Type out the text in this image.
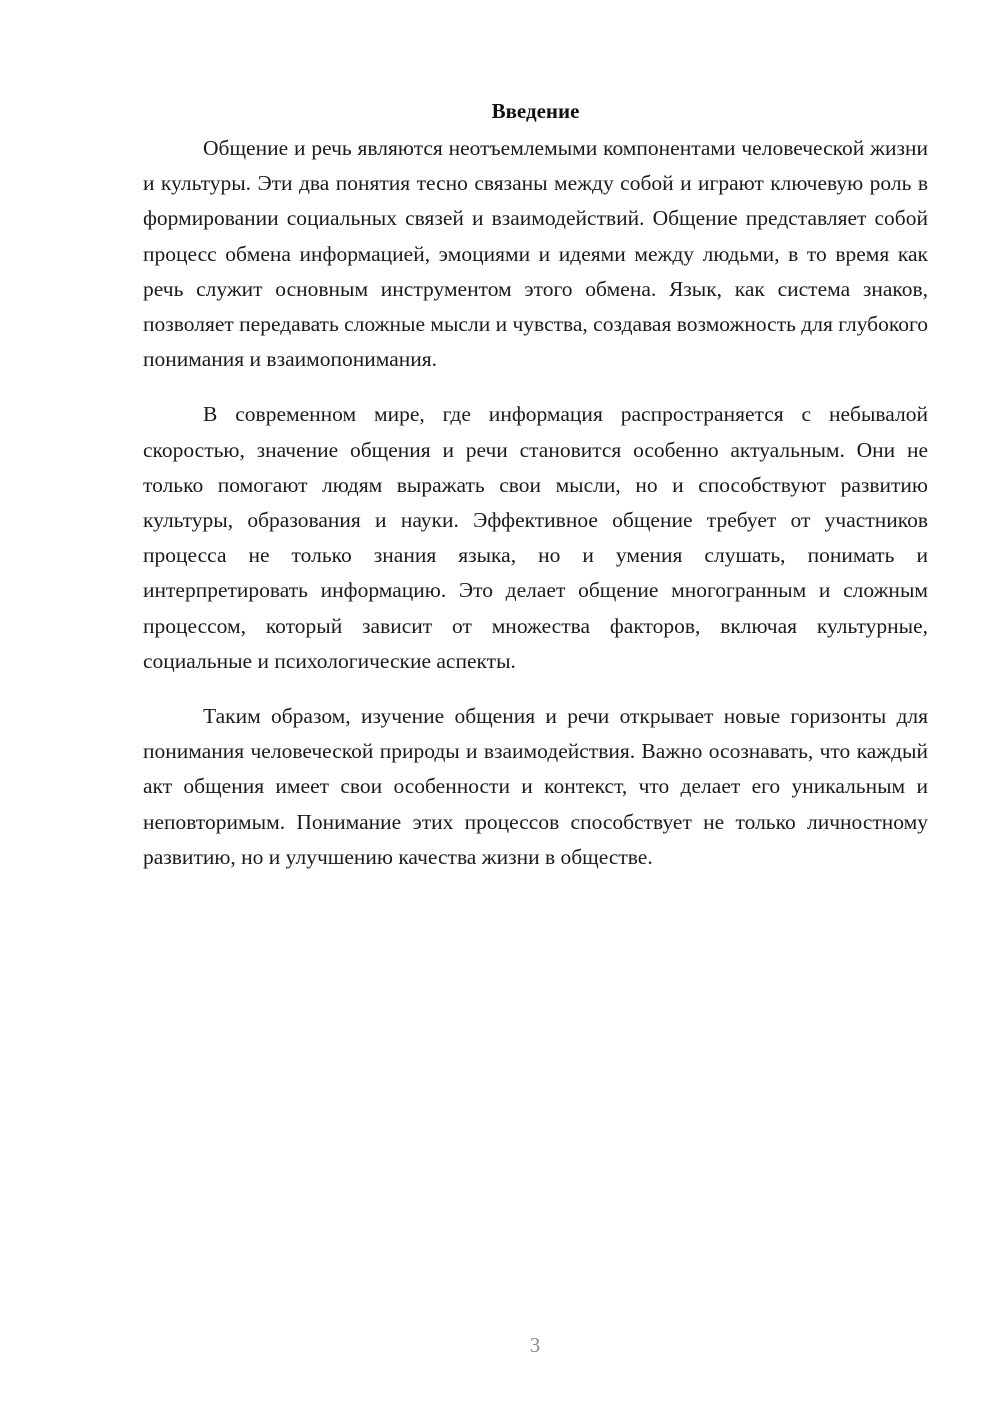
Введение

Общение и речь являются неотъемлемыми компонентами человеческой жизни и культуры. Эти два понятия тесно связаны между собой и играют ключевую роль в формировании социальных связей и взаимодействий. Общение представляет собой процесс обмена информацией, эмоциями и идеями между людьми, в то время как речь служит основным инструментом этого обмена. Язык, как система знаков, позволяет передавать сложные мысли и чувства, создавая возможность для глубокого понимания и взаимопонимания.

В современном мире, где информация распространяется с небывалой скоростью, значение общения и речи становится особенно актуальным. Они не только помогают людям выражать свои мысли, но и способствуют развитию культуры, образования и науки. Эффективное общение требует от участников процесса не только знания языка, но и умения слушать, понимать и интерпретировать информацию. Это делает общение многогранным и сложным процессом, который зависит от множества факторов, включая культурные, социальные и психологические аспекты.

Таким образом, изучение общения и речи открывает новые горизонты для понимания человеческой природы и взаимодействия. Важно осознавать, что каждый акт общения имеет свои особенности и контекст, что делает его уникальным и неповторимым. Понимание этих процессов способствует не только личностному развитию, но и улучшению качества жизни в обществе.

3
